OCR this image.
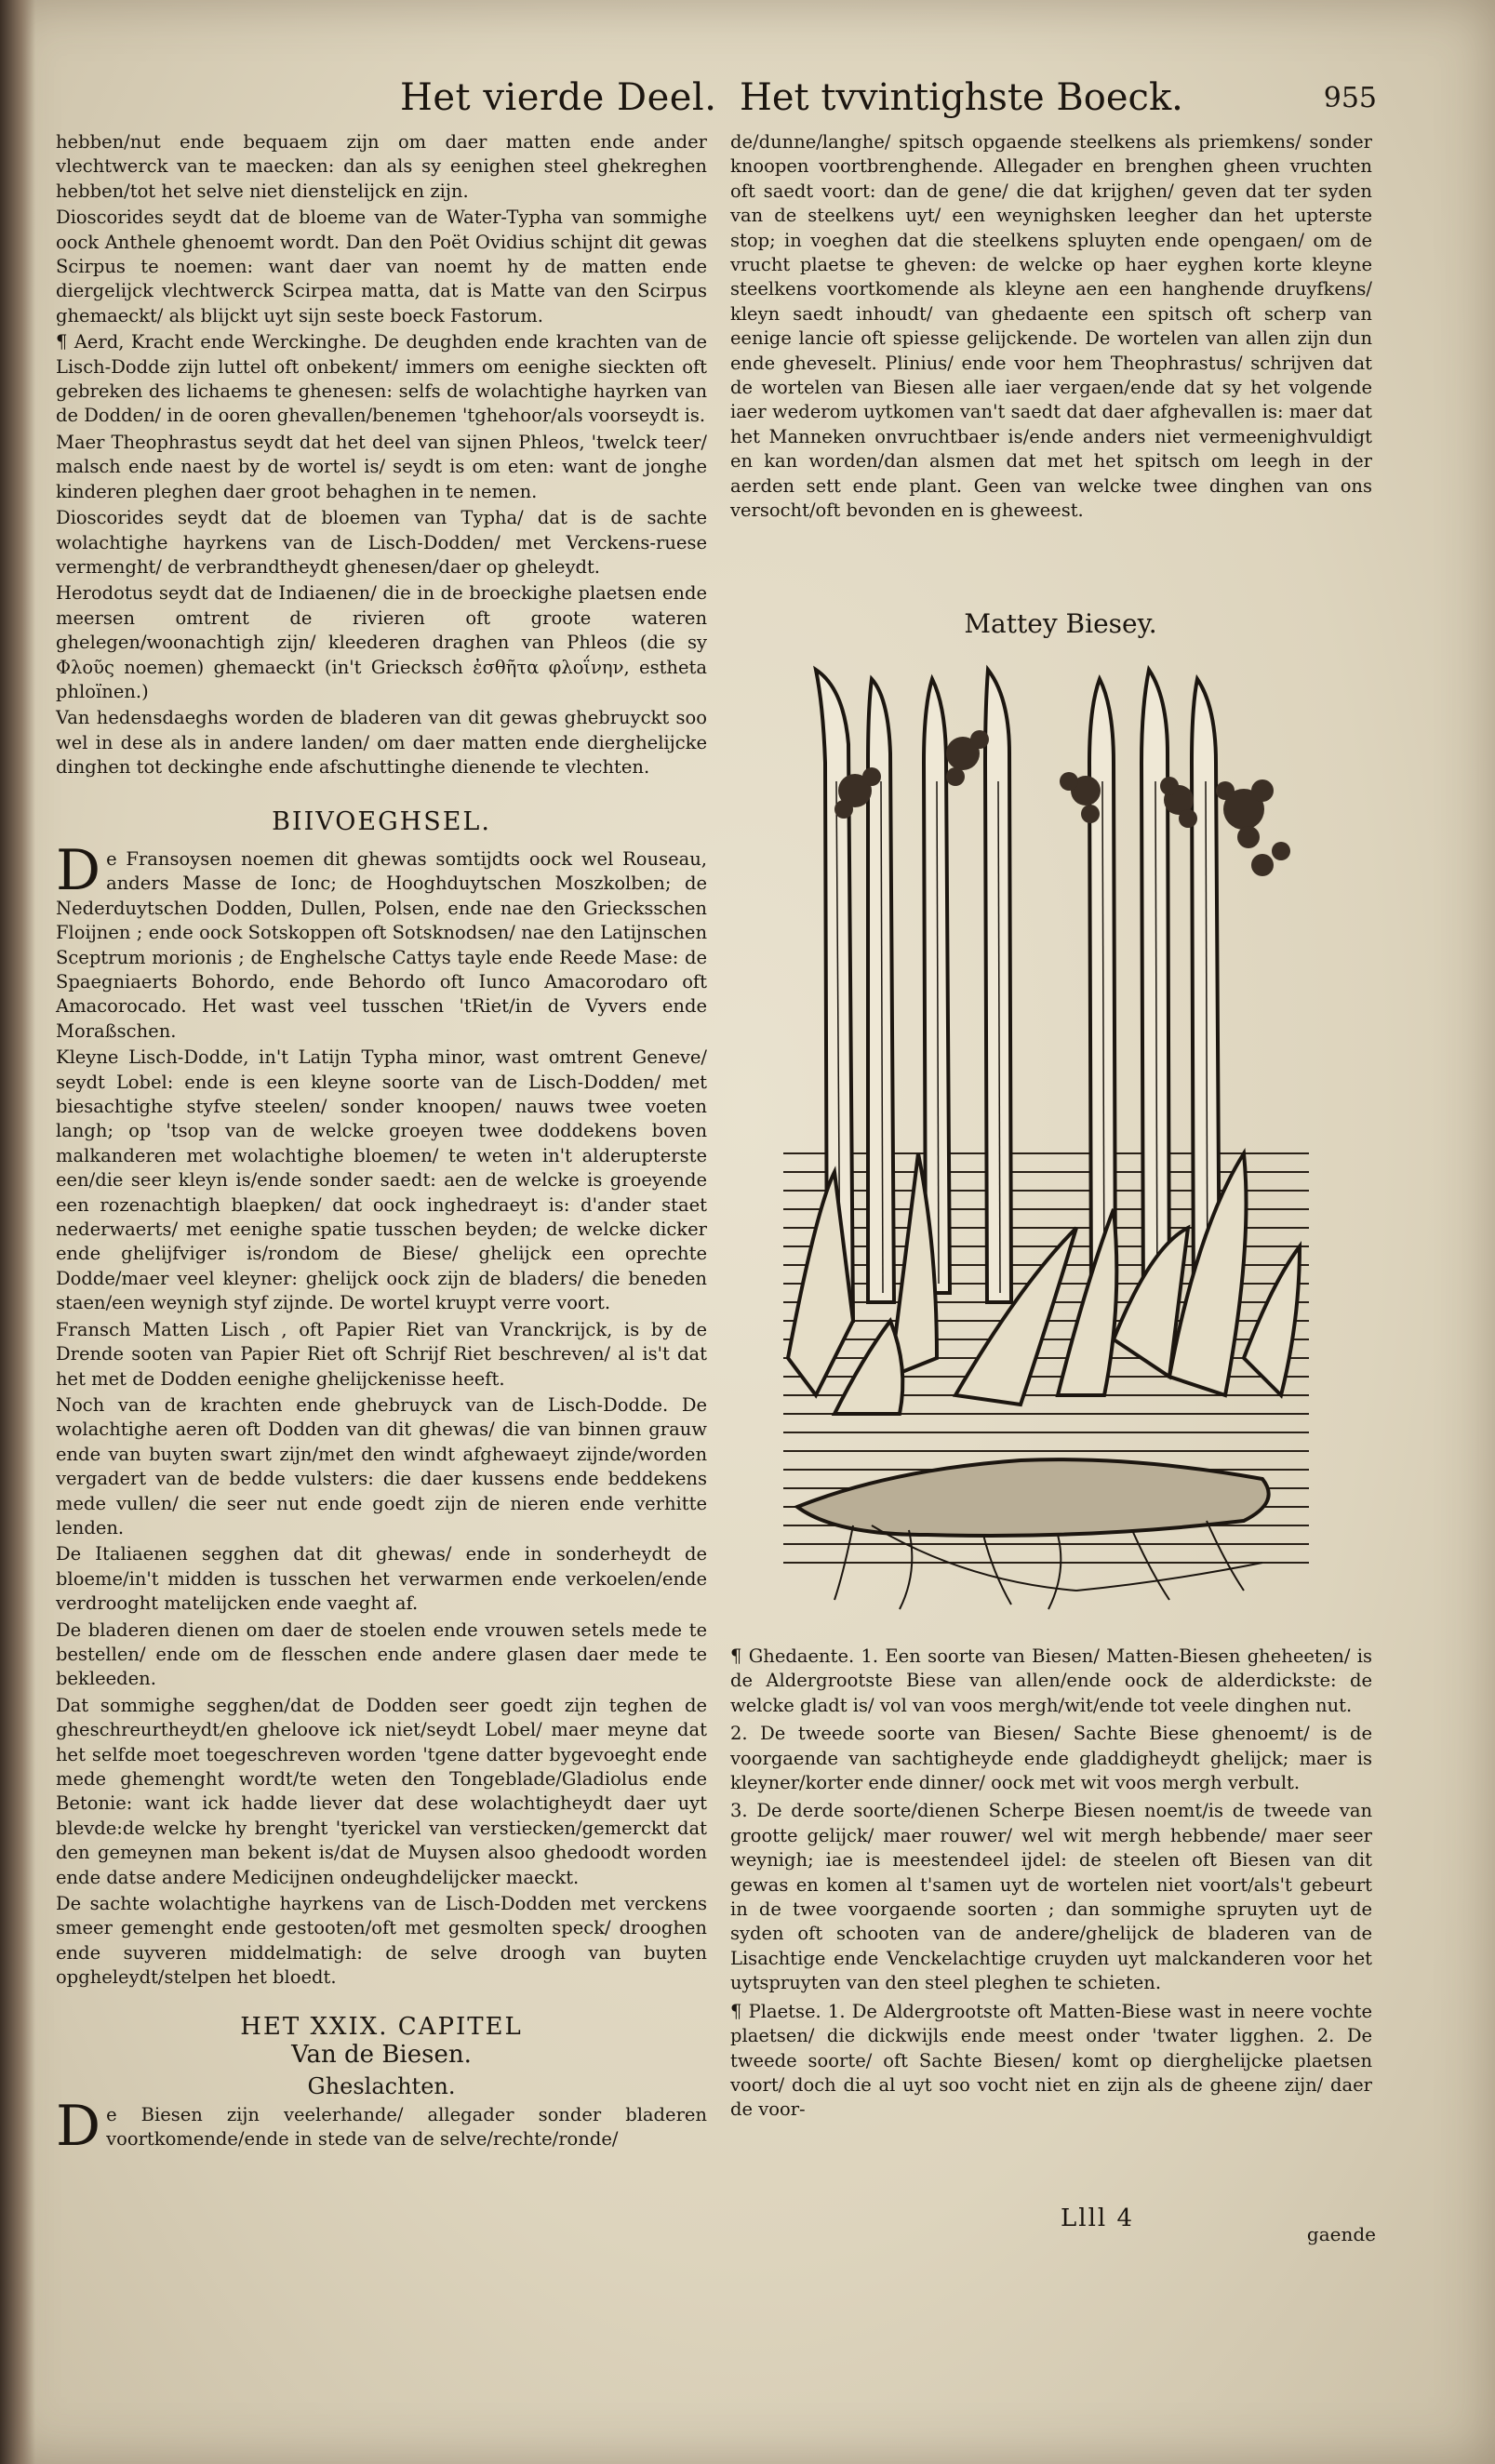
Het vierde Deel. Het tvvintighste Boeck.	955

hebben/nut ende bequaem zijn om daer matten ende ander vlechtwerck van te maecken: dan als sy eenighen steel ghekreghen hebben/tot het selve niet dienstelijck en zijn.

Dioscorides seydt dat de bloeme van de Water-Typha van sommighe oock Anthele ghenoemt wordt. Dan den Poët Ovidius schijnt dit gewas Scirpus te noemen: want daer van noemt hy de matten ende diergelijck vlechtwerck Scirpea matta, dat is Matte van den Scirpus ghemaeckt/ als blijckt uyt sijn seste boeck Fastorum.

¶ Aerd, Kracht ende Werckinghe. De deughden ende krachten van de Lisch-Dodde zijn luttel oft onbekent/ immers om eenighe sieckten oft gebreken des lichaems te ghenesen: selfs de wolachtighe hayrken van de Dodden/ in de ooren ghevallen/benemen 'tghehoor/als voorseydt is.

Maer Theophrastus seydt dat het deel van sijnen Phleos, 'twelck teer/ malsch ende naest by de wortel is/ seydt is om eten: want de jonghe kinderen pleghen daer groot behaghen in te nemen.

Dioscorides seydt dat de bloemen van Typha/ dat is de sachte wolachtighe hayrkens van de Lisch-Dodden/ met Verckens-ruese vermenght/ de verbrandtheydt ghenesen/daer op gheleydt.

Herodotus seydt dat de Indiaenen/ die in de broeckighe plaetsen ende meersen omtrent de rivieren oft groote wateren ghelegen/woonachtigh zijn/ kleederen draghen van Phleos (die sy Φλοῦς noemen) ghemaeckt (in't Griecksch ἐσθῆτα φλοΐνην, estheta phloïnen.)

Van hedensdaeghs worden de bladeren van dit gewas ghebruyckt soo wel in dese als in andere landen/ om daer matten ende dierghelijcke dinghen tot deckinghe ende afschuttinghe dienende te vlechten.

BIIVOEGHSEL.

De Fransoysen noemen dit ghewas somtijdts oock wel Rouseau, anders Masse de Ionc; de Hooghduytschen Moszkolben; de Nederduytschen Dodden, Dullen, Polsen, ende nae den Griecksschen Floijnen ; ende oock Sotskoppen oft Sotsknodsen/ nae den Latijnschen Sceptrum morionis ; de Enghelsche Cattys tayle ende Reede Mase: de Spaegniaerts Bohordo, ende Behordo oft Iunco Amacorodaro oft Amacorocado. Het wast veel tusschen 'tRiet/in de Vyvers ende Moraßschen.

Kleyne Lisch-Dodde, in't Latijn Typha minor, wast omtrent Geneve/ seydt Lobel: ende is een kleyne soorte van de Lisch-Dodden/ met biesachtighe styfve steelen/ sonder knoopen/ nauws twee voeten langh; op 'tsop van de welcke groeyen twee doddekens boven malkanderen met wolachtighe bloemen/ te weten in't alderupterste een/die seer kleyn is/ende sonder saedt: aen de welcke is groeyende een rozenachtigh blaepken/ dat oock inghedraeyt is: d'ander staet nederwaerts/ met eenighe spatie tusschen beyden; de welcke dicker ende ghelijfviger is/rondom de Biese/ ghelijck een oprechte Dodde/maer veel kleyner: ghelijck oock zijn de bladers/ die beneden staen/een weynigh styf zijnde. De wortel kruypt verre voort.

Fransch Matten Lisch , oft Papier Riet van Vranckrijck, is by de Drende sooten van Papier Riet oft Schrijf Riet beschreven/ al is't dat het met de Dodden eenighe ghelijckenisse heeft.

Noch van de krachten ende ghebruyck van de Lisch-Dodde. De wolachtighe aeren oft Dodden van dit ghewas/ die van binnen grauw ende van buyten swart zijn/met den windt afghewaeyt zijnde/worden vergadert van de bedde vulsters: die daer kussens ende beddekens mede vullen/ die seer nut ende goedt zijn de nieren ende verhitte lenden.

De Italiaenen segghen dat dit ghewas/ ende in sonderheydt de bloeme/in't midden is tusschen het verwarmen ende verkoelen/ende verdrooght matelijcken ende vaeght af.

De bladeren dienen om daer de stoelen ende vrouwen setels mede te bestellen/ ende om de flesschen ende andere glasen daer mede te bekleeden.

Dat sommighe segghen/dat de Dodden seer goedt zijn teghen de gheschreurtheydt/en gheloove ick niet/seydt Lobel/ maer meyne dat het selfde moet toegeschreven worden 'tgene datter bygevoeght ende mede ghemenght wordt/te weten den Tongeblade/Gladiolus ende Betonie: want ick hadde liever dat dese wolachtigheydt daer uyt blevde:de welcke hy brenght 'tyerickel van verstiecken/gemerckt dat den gemeynen man bekent is/dat de Muysen alsoo ghedoodt worden ende datse andere Medicijnen ondeughdelijcker maeckt.

De sachte wolachtighe hayrkens van de Lisch-Dodden met verckens smeer gemenght ende gestooten/oft met gesmolten speck/ drooghen ende suyveren middelmatigh: de selve droogh van buyten opgheleydt/stelpen het bloedt.

HET XXIX. CAPITEL

Van de Biesen.

Gheslachten.

De Biesen zijn veelerhande/ allegader sonder bladeren voortkomende/ende in stede van de selve/rechte/ronde/

de/dunne/langhe/ spitsch opgaende steelkens als priemkens/ sonder knoopen voortbrenghende. Allegader en brenghen gheen vruchten oft saedt voort: dan de gene/ die dat krijghen/ geven dat ter syden van de steelkens uyt/ een weynighsken leegher dan het upterste stop; in voeghen dat die steelkens spluyten ende opengaen/ om de vrucht plaetse te gheven: de welcke op haer eyghen korte kleyne steelkens voortkomende als kleyne aen een hanghende druyfkens/ kleyn saedt inhoudt/ van ghedaente een spitsch oft scherp van eenige lancie oft spiesse gelijckende. De wortelen van allen zijn dun ende gheveselt. Plinius/ ende voor hem Theophrastus/ schrijven dat de wortelen van Biesen alle iaer vergaen/ende dat sy het volgende iaer wederom uytkomen van't saedt dat daer afghevallen is: maer dat het Manneken onvruchtbaer is/ende anders niet vermeenighvuldigt en kan worden/dan alsmen dat met het spitsch om leegh in der aerden sett ende plant. Geen van welcke twee dinghen van ons versocht/oft bevonden en is gheweest.

Mattey Biesey.

¶ Ghedaente. 1. Een soorte van Biesen/ Matten-Biesen gheheeten/ is de Aldergrootste Biese van allen/ende oock de alderdickste: de welcke gladt is/ vol van voos mergh/wit/ende tot veele dinghen nut.

2. De tweede soorte van Biesen/ Sachte Biese ghenoemt/ is de voorgaende van sachtigheyde ende gladdigheydt ghelijck; maer is kleyner/korter ende dinner/ oock met wit voos mergh verbult.

3. De derde soorte/dienen Scherpe Biesen noemt/is de tweede van grootte gelijck/ maer rouwer/ wel wit mergh hebbende/ maer seer weynigh; iae is meestendeel ijdel: de steelen oft Biesen van dit gewas en komen al t'samen uyt de wortelen niet voort/als't gebeurt in de twee voorgaende soorten ; dan sommighe spruyten uyt de syden oft schooten van de andere/ghelijck de bladeren van de Lisachtige ende Venckelachtige cruyden uyt malckanderen voor het uytspruyten van den steel pleghen te schieten.

¶ Plaetse. 1. De Aldergrootste oft Matten-Biese wast in neere vochte plaetsen/ die dickwijls ende meest onder 'twater ligghen. 2. De tweede soorte/ oft Sachte Biesen/ komt op dierghelijcke plaetsen voort/ doch die al uyt soo vocht niet en zijn als de gheene zijn/ daer de voor-

Llll 4
gaende
